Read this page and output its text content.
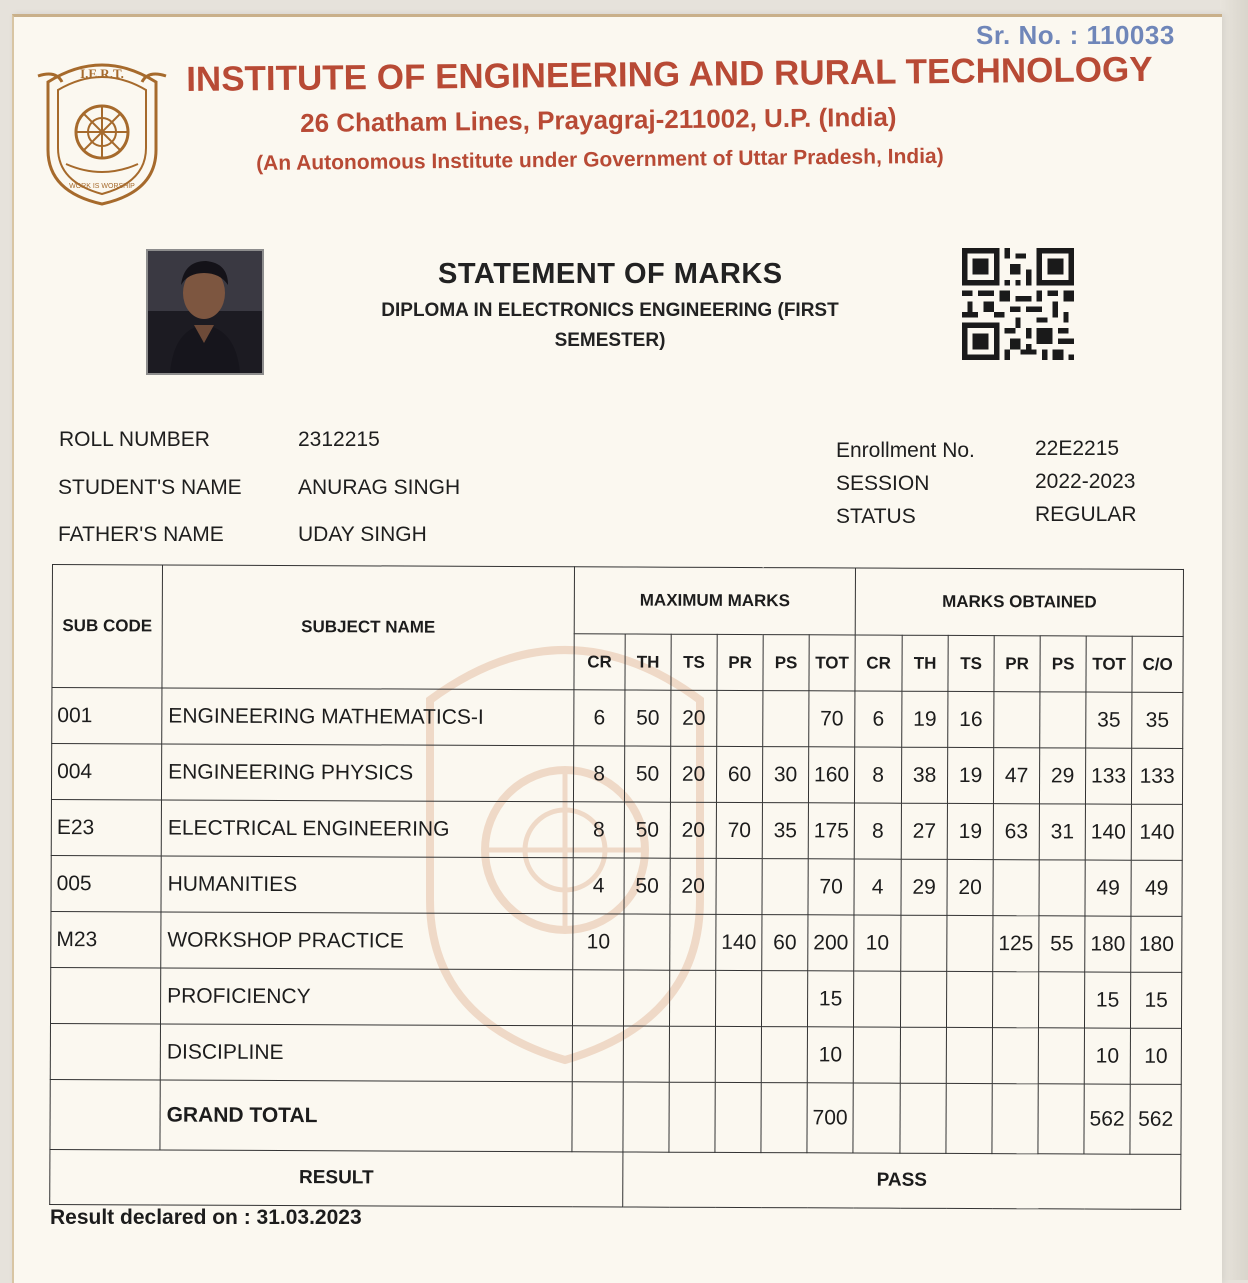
Sr. No. : 110033
I.E.R.T.
WORK IS WORSHIP
INSTITUTE OF ENGINEERING AND RURAL TECHNOLOGY
26 Chatham Lines, Prayagraj-211002, U.P. (India)
(An Autonomous Institute under Government of Uttar Pradesh, India)
STATEMENT OF MARKS
DIPLOMA IN ELECTRONICS ENGINEERING (FIRST SEMESTER)
ROLL NUMBER	2312215
STUDENT'S NAME	ANURAG SINGH
FATHER'S NAME	UDAY SINGH
Enrollment No.	22E2215
SESSION	2022-2023
STATUS	REGULAR
SUB CODE	SUBJECT NAME	MAXIMUM MARKS						MARKS OBTAINED						
		CR	TH	TS	PR	PS	TOT	CR	TH	TS	PR	PS	TOT	C/O
001	ENGINEERING MATHEMATICS-I	6	50	20			70	6	19	16			35	35
004	ENGINEERING PHYSICS	8	50	20	60	30	160	8	38	19	47	29	133	133
E23	ELECTRICAL ENGINEERING	8	50	20	70	35	175	8	27	19	63	31	140	140
005	HUMANITIES	4	50	20			70	4	29	20			49	49
M23	WORKSHOP PRACTICE	10			140	60	200	10			125	55	180	180
	PROFICIENCY						15						15	15
	DISCIPLINE						10						10	10
	GRAND TOTAL						700						562	562
RESULT			PASS											
Result declared on : 31.03.2023
